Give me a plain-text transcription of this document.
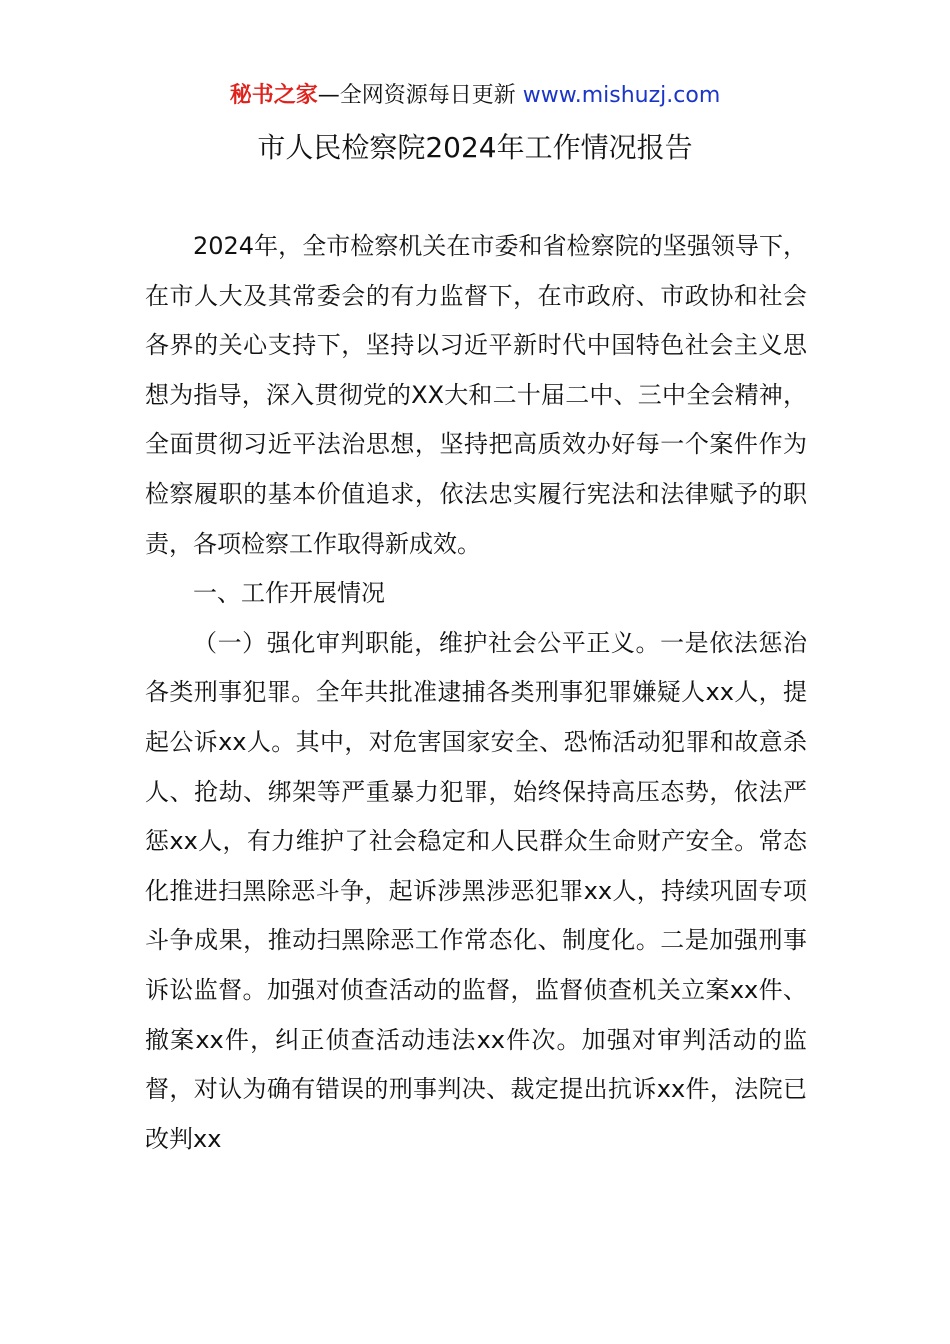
秘书之家—全网资源每日更新 www.mishuzj.com
市人民检察院2024年工作情况报告

2024年，全市检察机关在市委和省检察院的坚强领导下，在市人大及其常委会的有力监督下，在市政府、市政协和社会各界的关心支持下，坚持以习近平新时代中国特色社会主义思想为指导，深入贯彻党的XX大和二十届二中、三中全会精神，全面贯彻习近平法治思想，坚持把高质效办好每一个案件作为检察履职的基本价值追求，依法忠实履行宪法和法律赋予的职责，各项检察工作取得新成效。

一、工作开展情况

（一）强化审判职能，维护社会公平正义。一是依法惩治各类刑事犯罪。全年共批准逮捕各类刑事犯罪嫌疑人xx人，提起公诉xx人。其中，对危害国家安全、恐怖活动犯罪和故意杀人、抢劫、绑架等严重暴力犯罪，始终保持高压态势，依法严惩xx人，有力维护了社会稳定和人民群众生命财产安全。常态化推进扫黑除恶斗争，起诉涉黑涉恶犯罪xx人，持续巩固专项斗争成果，推动扫黑除恶工作常态化、制度化。二是加强刑事诉讼监督。加强对侦查活动的监督，监督侦查机关立案xx件、撤案xx件，纠正侦查活动违法xx件次。加强对审判活动的监督，对认为确有错误的刑事判决、裁定提出抗诉xx件，法院已改判xx
